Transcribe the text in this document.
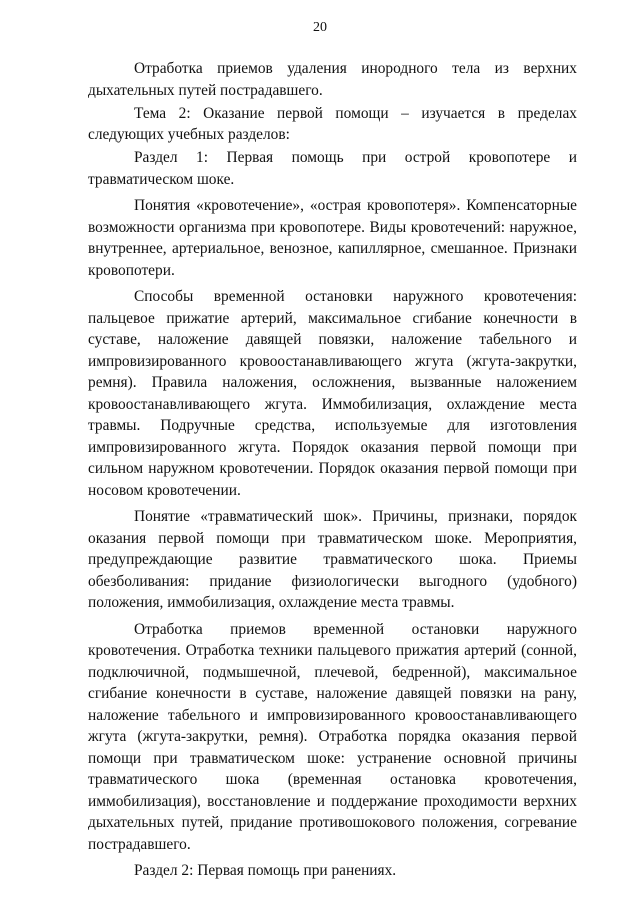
20

Отработка приемов удаления инородного тела из верхних дыхательных путей пострадавшего.

Тема 2: Оказание первой помощи – изучается в пределах следующих учебных разделов:

Раздел 1: Первая помощь при острой кровопотере и травматическом шоке.

Понятия «кровотечение», «острая кровопотеря». Компенсаторные возможности организма при кровопотере. Виды кровотечений: наружное, внутреннее, артериальное, венозное, капиллярное, смешанное. Признаки кровопотери.

Способы временной остановки наружного кровотечения: пальцевое прижатие артерий, максимальное сгибание конечности в суставе, наложение давящей повязки, наложение табельного и импровизированного кровоостанавливающего жгута (жгута-закрутки, ремня). Правила наложения, осложнения, вызванные наложением кровоостанавливающего жгута. Иммобилизация, охлаждение места травмы. Подручные средства, используемые для изготовления импровизированного жгута. Порядок оказания первой помощи при сильном наружном кровотечении. Порядок оказания первой помощи при носовом кровотечении.

Понятие «травматический шок». Причины, признаки, порядок оказания первой помощи при травматическом шоке. Мероприятия, предупреждающие развитие травматического шока. Приемы обезболивания: придание физиологически выгодного (удобного) положения, иммобилизация, охлаждение места травмы.

Отработка приемов временной остановки наружного кровотечения. Отработка техники пальцевого прижатия артерий (сонной, подключичной, подмышечной, плечевой, бедренной), максимальное сгибание конечности в суставе, наложение давящей повязки на рану, наложение табельного и импровизированного кровоостанавливающего жгута (жгута-закрутки, ремня). Отработка порядка оказания первой помощи при травматическом шоке: устранение основной причины травматического шока (временная остановка кровотечения, иммобилизация), восстановление и поддержание проходимости верхних дыхательных путей, придание противошокового положения, согревание пострадавшего.

Раздел 2: Первая помощь при ранениях.
